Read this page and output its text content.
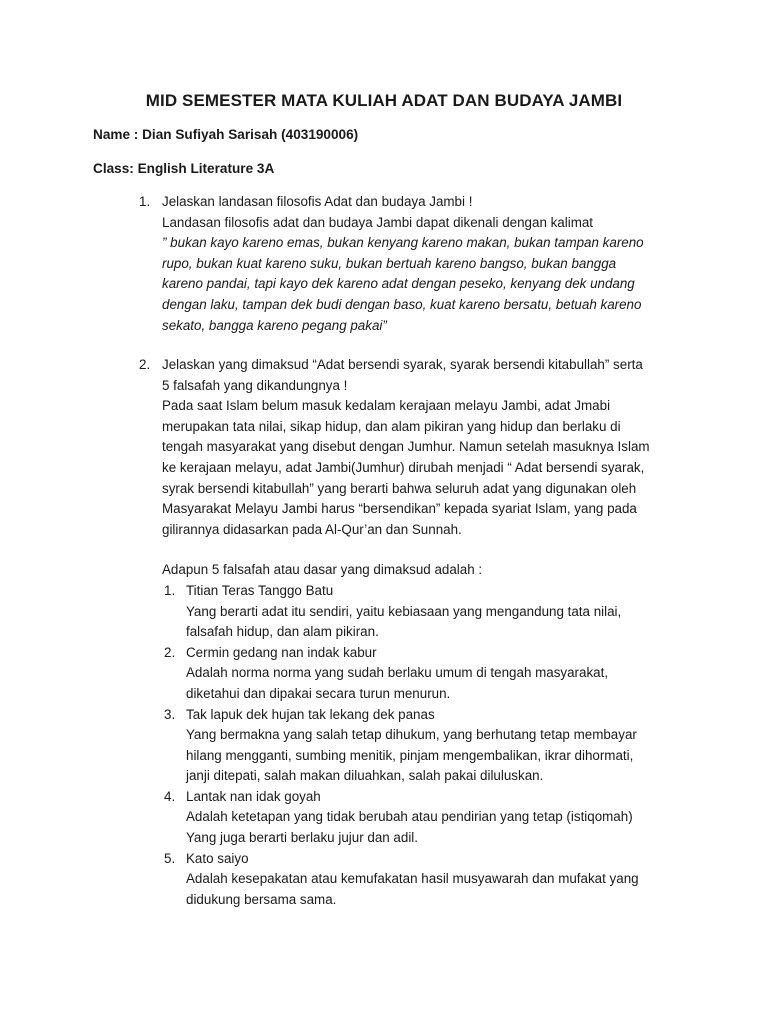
MID SEMESTER MATA KULIAH ADAT DAN BUDAYA JAMBI
Name : Dian Sufiyah Sarisah (403190006)
Class: English Literature 3A
1. Jelaskan landasan filosofis Adat dan budaya Jambi !

Landasan filosofis adat dan budaya Jambi dapat dikenali dengan kalimat

” bukan kayo kareno emas, bukan kenyang kareno makan, bukan tampan kareno

rupo, bukan kuat kareno suku, bukan bertuah kareno bangso, bukan bangga

kareno pandai, tapi kayo dek kareno adat dengan peseko, kenyang dek undang

dengan laku, tampan dek budi dengan baso, kuat kareno bersatu, betuah kareno

sekato, bangga kareno pegang pakai”

2. Jelaskan yang dimaksud “Adat bersendi syarak, syarak bersendi kitabullah” serta

5 falsafah yang dikandungnya !

Pada saat Islam belum masuk kedalam kerajaan melayu Jambi, adat Jmabi

merupakan tata nilai, sikap hidup, dan alam pikiran yang hidup dan berlaku di

tengah masyarakat yang disebut dengan Jumhur. Namun setelah masuknya Islam

ke kerajaan melayu, adat Jambi(Jumhur) dirubah menjadi “ Adat bersendi syarak,

syrak bersendi kitabullah” yang berarti bahwa seluruh adat yang digunakan oleh

Masyarakat Melayu Jambi harus “bersendikan” kepada syariat Islam, yang pada

gilirannya didasarkan pada Al-Qur’an dan Sunnah.

Adapun 5 falsafah atau dasar yang dimaksud adalah :

1. Titian Teras Tanggo Batu

Yang berarti adat itu sendiri, yaitu kebiasaan yang mengandung tata nilai,

falsafah hidup, dan alam pikiran.

2. Cermin gedang nan indak kabur

Adalah norma norma yang sudah berlaku umum di tengah masyarakat,

diketahui dan dipakai secara turun menurun.

3. Tak lapuk dek hujan tak lekang dek panas

Yang bermakna yang salah tetap dihukum, yang berhutang tetap membayar

hilang mengganti, sumbing menitik, pinjam mengembalikan, ikrar dihormati,

janji ditepati, salah makan diluahkan, salah pakai diluluskan.

4. Lantak nan idak goyah

Adalah ketetapan yang tidak berubah atau pendirian yang tetap (istiqomah)

Yang juga berarti berlaku jujur dan adil.

5. Kato saiyo

Adalah kesepakatan atau kemufakatan hasil musyawarah dan mufakat yang

didukung bersama sama.
